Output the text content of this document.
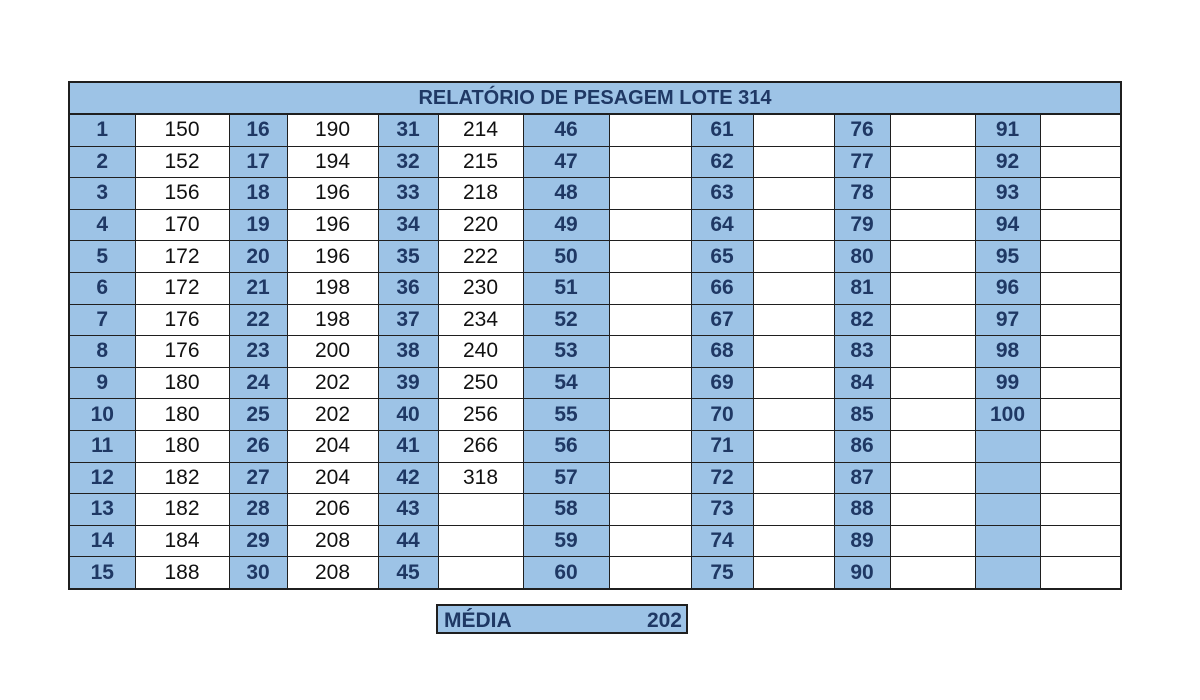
RELATÓRIO DE PESAGEM LOTE 314													
1	150	16	190	31	214	46		61		76		91	
2	152	17	194	32	215	47		62		77		92	
3	156	18	196	33	218	48		63		78		93	
4	170	19	196	34	220	49		64		79		94	
5	172	20	196	35	222	50		65		80		95	
6	172	21	198	36	230	51		66		81		96	
7	176	22	198	37	234	52		67		82		97	
8	176	23	200	38	240	53		68		83		98	
9	180	24	202	39	250	54		69		84		99	
10	180	25	202	40	256	55		70		85		100	
11	180	26	204	41	266	56		71		86			
12	182	27	204	42	318	57		72		87			
13	182	28	206	43		58		73		88			
14	184	29	208	44		59		74		89			
15	188	30	208	45		60		75		90			
MÉDIA	202
